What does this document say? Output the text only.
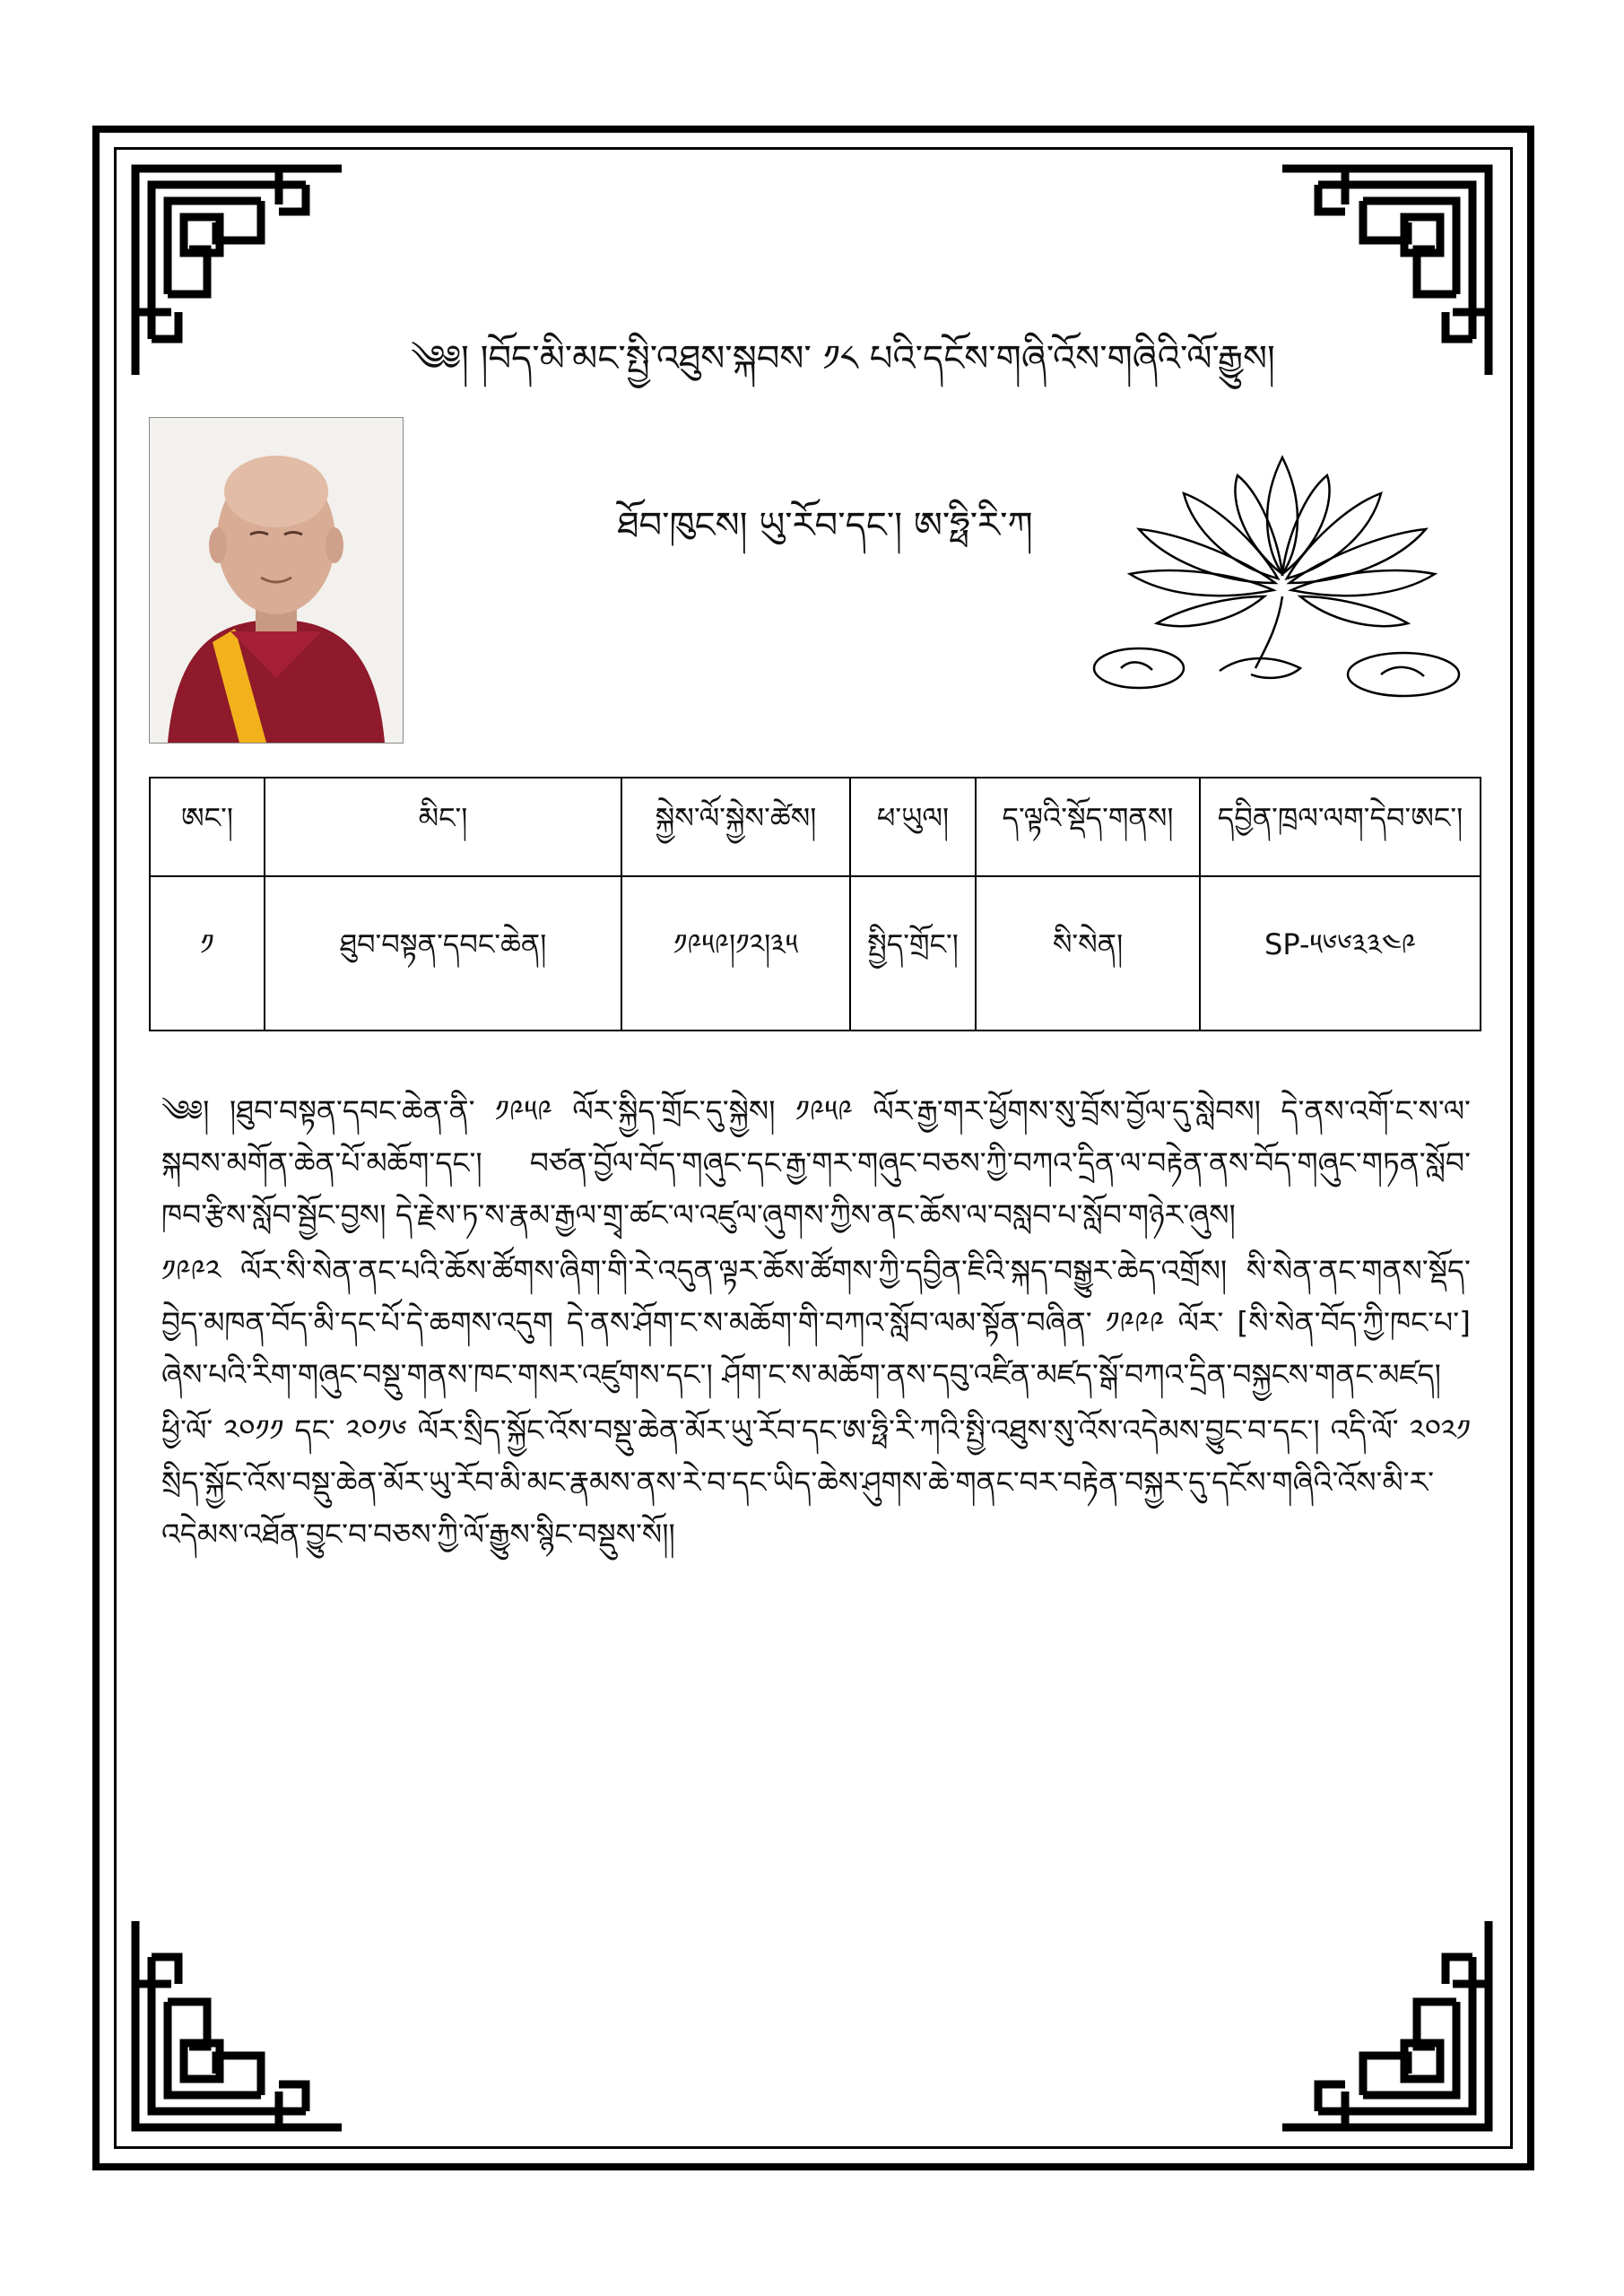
༄༅། །བོད་མི་མང་སྤྱི་འཐུས་སྐབས་ ༡༨ པའི་དངོས་གཞི་འོས་གཞིའི་ལོ་རྒྱུས།
ཐོབ་ཁུངས། ཡུ་རོབ་དང་། ཨ་ཧྥི་རི་ཀ
ཨང་།	མིང་།	སྐྱེས་ལོ་སྐྱེས་ཚེས།	ཕ་ཡུལ།	ད་ལྟའི་སྡོད་གནས།	དབྱིན་ཁྲལ་ལག་དེབ་ཨང་།
༡	ཐུབ་བསྟན་དབང་ཆེན།	༡༩༥༩།༡༢།༣༥	སྤྱིད་གྲོང་།	སི་སེན།	SP-༥༦༦༣༣༤༩

༄༅། །ཐུབ་བསྟན་དབང་ཆེན་ནི་ ༡༩༥༩ ལོར་སྐྱིད་གྲོང་དུ་སྐྱེས། ༡༩༥༩ ལོར་རྒྱ་གར་ཕྱོགས་སུ་བྲོས་བྱོལ་དུ་སླེབས། དེ་ནས་འགོ་ང་ས་ལ་སྐབས་མགོན་ཆེན་པོ་མཆོག་དང་། བཙན་བྱོལ་བོད་གཞུང་དང་རྒྱ་གར་གཞུང་བཅས་ཀྱི་བཀའ་དྲིན་ལ་བརྟེན་ནས་བོད་གཞུང་གཏན་སློབ་ཁབ་རྩིས་སློབ་སྦྱོང་བྱས། དེ་རྗེས་ཏ་ས་རྣམ་རྒྱལ་གྲྭ་ཚང་ལ་འཛུལ་ཞུགས་ཀྱིས་ནང་ཆོས་ལ་བསླབ་པ་སློབ་གཉེར་ཞུས།

༡༩༩༢ ལོར་སི་སེན་ནང་པའི་ཆོས་ཚོགས་ཞིག་གི་རེ་འདུན་ལྟར་ཆོས་ཚོགས་ཀྱི་དབྱིན་ཇིའི་སྐད་བསྒྱུར་ཆེད་འགྲོས། སི་སེན་ནང་གནས་སྡོད་བྱེད་མཁན་བོད་མི་དང་པོ་དེ་ཆགས་འདུག དེ་ནས་ཤོག་ང་ས་མཆོག་གི་བཀའ་སློབ་ལམ་སྟོན་བཞིན་ ༡༩༩༩ ལོར་ [སི་སེན་བོད་ཀྱི་ཁང་པ་] ཞེས་པའི་རིག་གཞུང་བསྡུ་གནས་ཁང་གསར་འཛུགས་དང་། ཤོག་ང་ས་མཆོག་ནས་དབུ་འཛིན་མཛད་སྒོ་བཀའ་དྲིན་བསྐྱངས་གནང་མཛད།

ཕྱི་ལོ་ ༢༠༡༡ དང་ ༢༠༡༦ ལོར་སྲིད་སྐྱོང་འོས་བསྡུ་ཆེན་མོར་ཡུ་རོབ་དང་ཨ་ཧྥི་རི་ཀའི་སྤྱི་འཐུས་སུ་འོས་འདེམས་བྱུང་བ་དང་། འདི་ལོ་ ༢༠༢༡ སྲིད་སྐྱོང་འོས་བསྡུ་ཆེན་མོར་ཡུ་རོབ་མི་མང་རྣམས་ནས་རེ་བ་དང་ཡིད་ཆེས་ཤུགས་ཆེ་གནང་བར་བརྟེན་བསྐྱར་དུ་དངོས་གཞིའི་འོས་མི་ར་འདེམས་འཐོན་བྱུང་བ་བཅས་ཀྱི་ལོ་རྒྱུས་སྙིང་བསྡུས་སོ།།
